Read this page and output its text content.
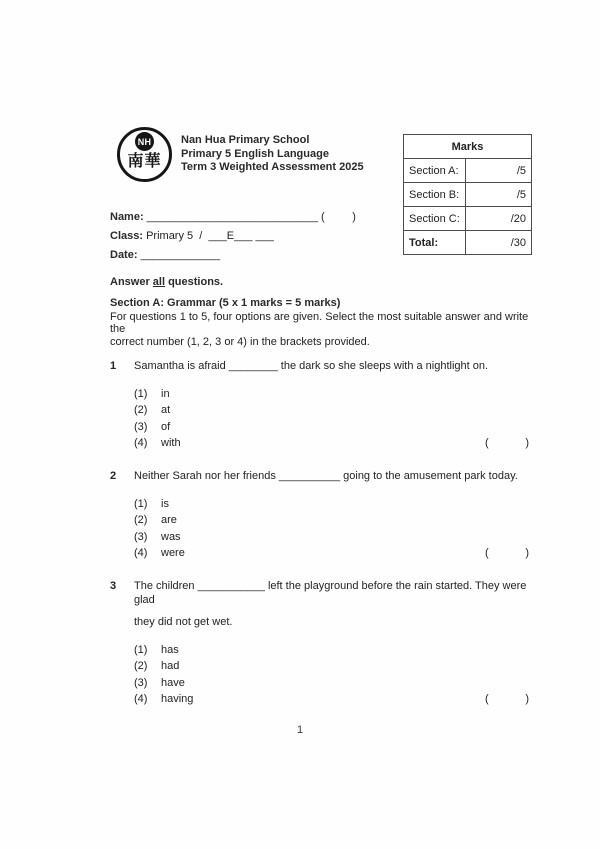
NH
南華
Nan Hua Primary School
Primary 5 English Language
Term 3 Weighted Assessment 2025
Marks	
Section A:	/5
Section B:	/5
Section C:	/20
Total:	/30
Name: ____________________________ (         )
Class: Primary 5  /  ___E___ ___
Date: _____________
Answer all questions.
Section A: Grammar (5 x 1 marks = 5 marks)
For questions 1 to 5, four options are given. Select the most suitable answer and write the
correct number (1, 2, 3 or 4) in the brackets provided.
1	Samantha is afraid ________ the dark so she sleeps with a nightlight on.
(1)	in
(2)	at
(3)	of
(4)	with	(            )
2	Neither Sarah nor her friends __________ going to the amusement park today.
(1)	is
(2)	are
(3)	was
(4)	were	(            )
3	The children ___________ left the playground before the rain started. They were glad
they did not get wet.
(1)	has
(2)	had
(3)	have
(4)	having	(            )
1
